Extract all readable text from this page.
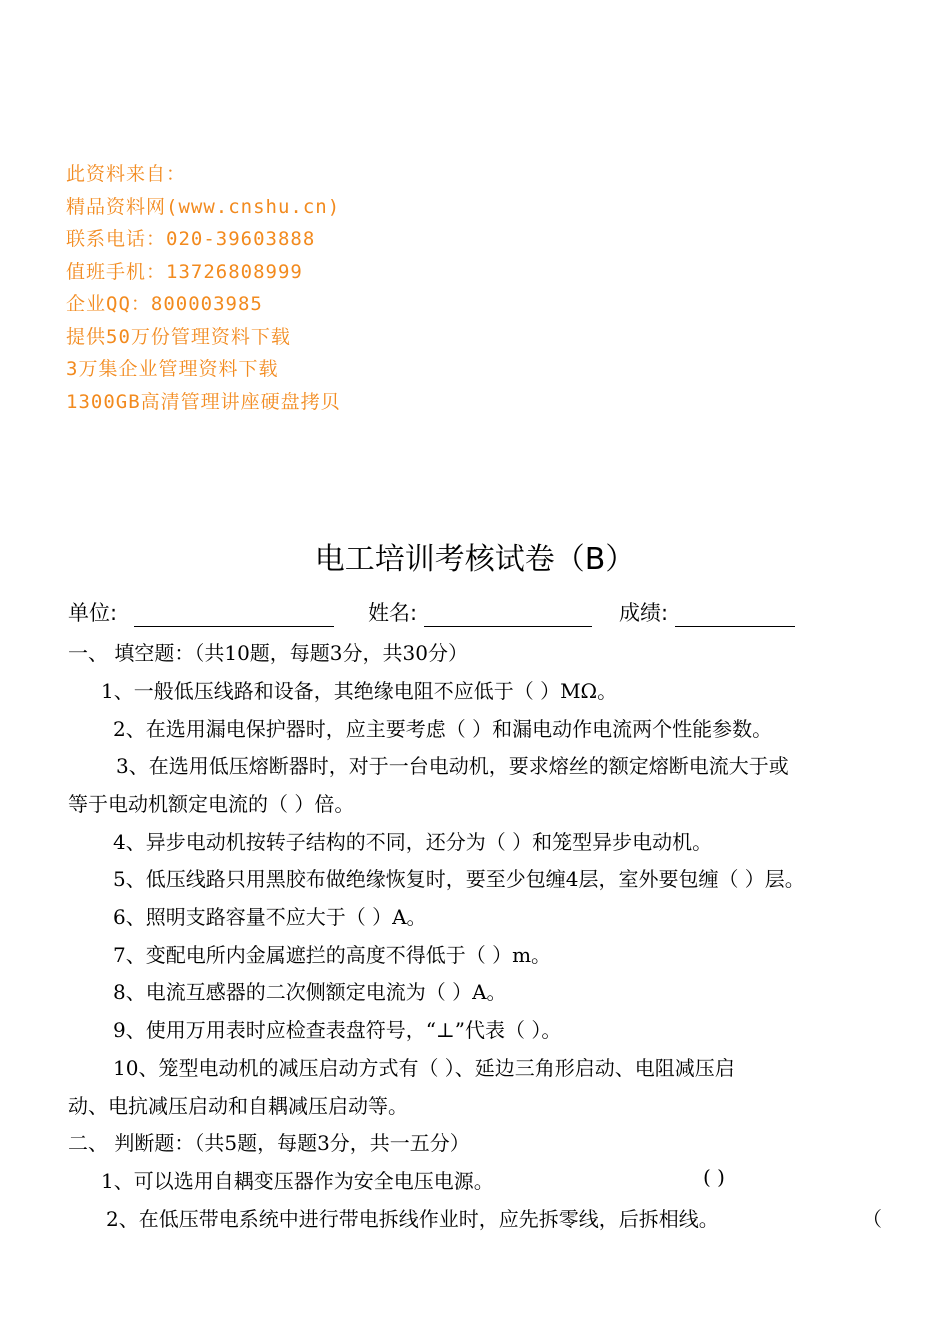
此资料来自：
精品资料网(www.cnshu.cn)
联系电话：020-39603888
值班手机：13726808999
企业QQ：800003985
提供50万份管理资料下载
3万集企业管理资料下载
1300GB高清管理讲座硬盘拷贝
电工培训考核试卷（B）
单位:	姓名:	成绩:
一、 填空题：（共10题，每题3分，共30分）
1、一般低压线路和设备，其绝缘电阻不应低于（ ）MΩ。
2、在选用漏电保护器时，应主要考虑（ ）和漏电动作电流两个性能参数。
3、在选用低压熔断器时，对于一台电动机，要求熔丝的额定熔断电流大于或
等于电动机额定电流的（ ）倍。
4、异步电动机按转子结构的不同，还分为（ ）和笼型异步电动机。
5、低压线路只用黑胶布做绝缘恢复时，要至少包缠4层，室外要包缠（ ）层。
6、照明支路容量不应大于（ ）A。
7、变配电所内金属遮拦的高度不得低于（ ）m。
8、电流互感器的二次侧额定电流为（ ）A。
9、使用万用表时应检查表盘符号，“⊥”代表（ ）。
10、笼型电动机的减压启动方式有（ ）、延边三角形启动、电阻减压启
动、电抗减压启动和自耦减压启动等。
二、 判断题：（共5题，每题3分，共一五分）
1、可以选用自耦变压器作为安全电压电源。	( )
2、在低压带电系统中进行带电拆线作业时，应先拆零线，后拆相线。	（
